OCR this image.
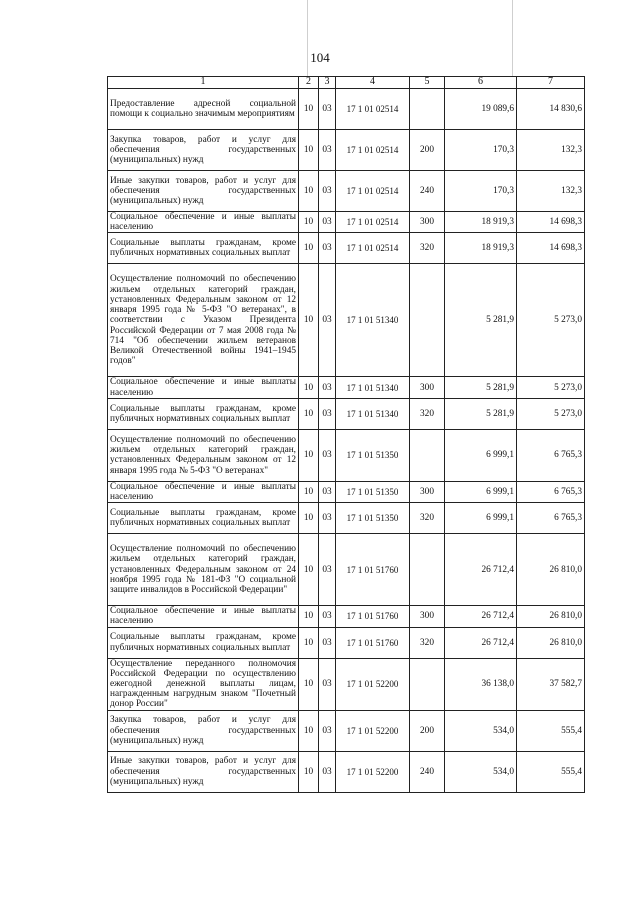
104
1	2	3	4	5	6	7
Предоставление адресной социальной помощи к социально значимым мероприятиям	10	03	17 1 01 02514		19 089,6	14 830,6
Закупка товаров, работ и услуг для обеспечения государственных (муниципальных) нужд	10	03	17 1 01 02514	200	170,3	132,3
Иные закупки товаров, работ и услуг для обеспечения государственных (муниципальных) нужд	10	03	17 1 01 02514	240	170,3	132,3
Социальное обеспечение и иные выплаты населению	10	03	17 1 01 02514	300	18 919,3	14 698,3
Социальные выплаты гражданам, кроме публичных нормативных социальных выплат	10	03	17 1 01 02514	320	18 919,3	14 698,3
Осуществление полномочий по обеспечению жильем отдельных категорий граждан, установленных Федеральным законом от 12 января 1995 года № 5-ФЗ "О ветеранах", в соответствии с Указом Президента Российской Федерации от 7 мая 2008 года № 714 "Об обеспечении жильем ветеранов Великой Отечественной войны 1941–1945 годов"	10	03	17 1 01 51340		5 281,9	5 273,0
Социальное обеспечение и иные выплаты населению	10	03	17 1 01 51340	300	5 281,9	5 273,0
Социальные выплаты гражданам, кроме публичных нормативных социальных выплат	10	03	17 1 01 51340	320	5 281,9	5 273,0
Осуществление полномочий по обеспечению жильем отдельных категорий граждан, установленных Федеральным законом от 12 января 1995 года № 5-ФЗ "О ветеранах"	10	03	17 1 01 51350		6 999,1	6 765,3
Социальное обеспечение и иные выплаты населению	10	03	17 1 01 51350	300	6 999,1	6 765,3
Социальные выплаты гражданам, кроме публичных нормативных социальных выплат	10	03	17 1 01 51350	320	6 999,1	6 765,3
Осуществление полномочий по обеспечению жильем отдельных категорий граждан, установленных Федеральным законом от 24 ноября 1995 года № 181-ФЗ "О социальной защите инвалидов в Российской Федерации"	10	03	17 1 01 51760		26 712,4	26 810,0
Социальное обеспечение и иные выплаты населению	10	03	17 1 01 51760	300	26 712,4	26 810,0
Социальные выплаты гражданам, кроме публичных нормативных социальных выплат	10	03	17 1 01 51760	320	26 712,4	26 810,0
Осуществление переданного полномочия Российской Федерации по осуществлению ежегодной денежной выплаты лицам, награжденным нагрудным знаком "Почетный донор России"	10	03	17 1 01 52200		36 138,0	37 582,7
Закупка товаров, работ и услуг для обеспечения государственных (муниципальных) нужд	10	03	17 1 01 52200	200	534,0	555,4
Иные закупки товаров, работ и услуг для обеспечения государственных (муниципальных) нужд	10	03	17 1 01 52200	240	534,0	555,4
